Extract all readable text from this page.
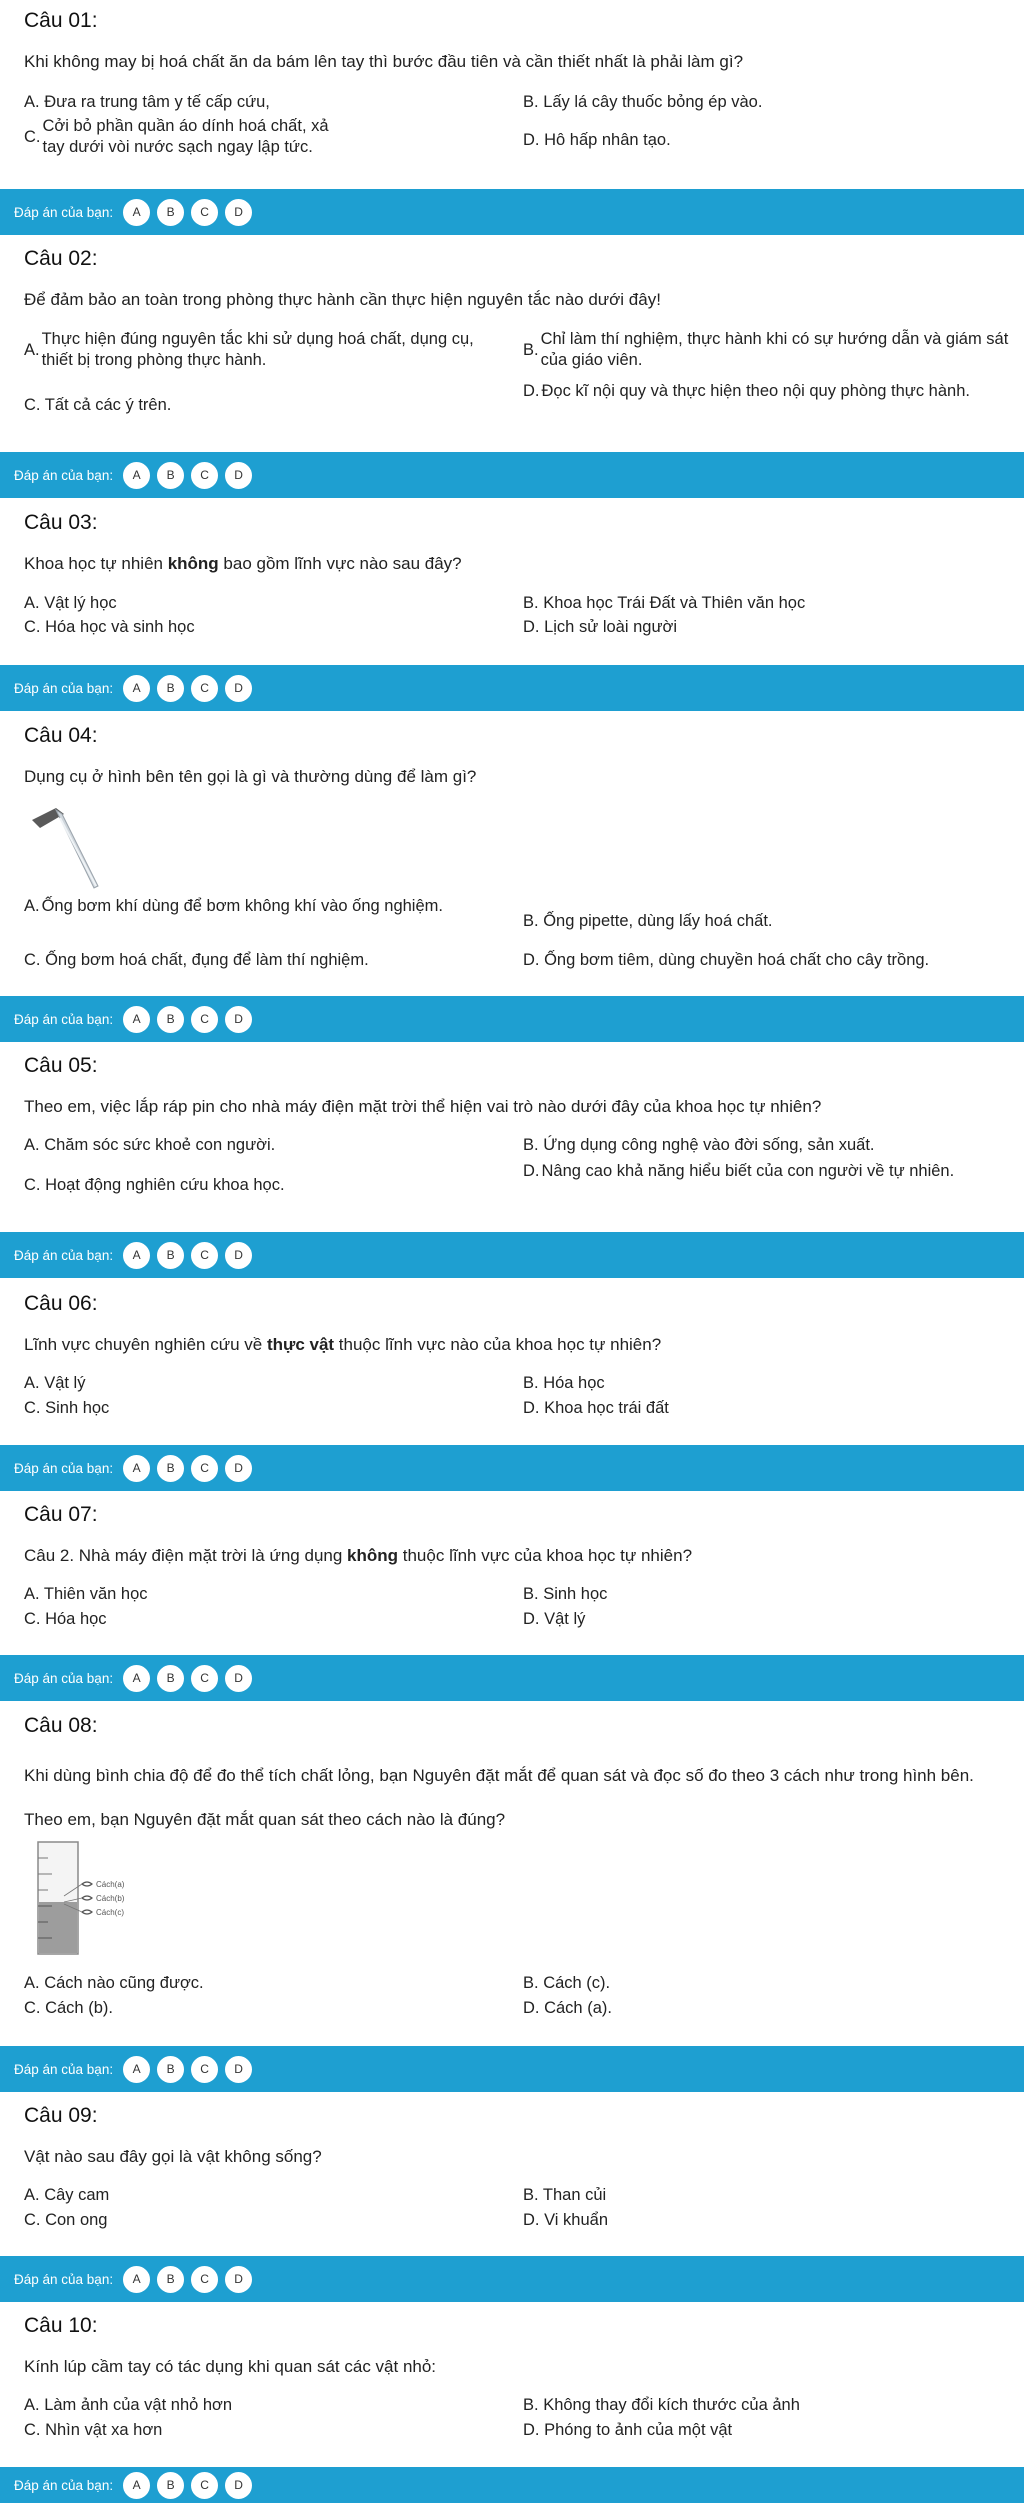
Câu 01:
Khi không may bị hoá chất ăn da bám lên tay thì bước đầu tiên và cần thiết nhất là phải làm gì?
A. Đưa ra trung tâm y tế cấp cứu,	B. Lấy lá cây thuốc bỏng ép vào.
C.
Cởi bỏ phần quần áo dính hoá chất, xả tay dưới vòi nước sạch ngay lập tức.	D. Hô hấp nhân tạo.
Đáp án của bạn:	A	B	C	D
Câu 02:
Để đảm bảo an toàn trong phòng thực hành cần thực hiện nguyên tắc nào dưới đây!
A.
Thực hiện đúng nguyên tắc khi sử dụng hoá chất, dụng cụ, thiết bị trong phòng thực hành.
B.
Chỉ làm thí nghiệm, thực hành khi có sự hướng dẫn và giám sát của giáo viên.
C. Tất cả các ý trên.
D. Đọc kĩ nội quy và thực hiện theo nội quy phòng thực hành.
Đáp án của bạn:	A	B	C	D
Câu 03:
Khoa học tự nhiên không bao gồm lĩnh vực nào sau đây?
A. Vật lý học	B. Khoa học Trái Đất và Thiên văn học
C. Hóa học và sinh học	D. Lịch sử loài người
Đáp án của bạn:	A	B	C	D
Câu 04:
Dụng cụ ở hình bên tên gọi là gì và thường dùng để làm gì?
A. Ống bơm khí dùng để bơm không khí vào ống nghiệm.
B. Ống pipette, dùng lấy hoá chất.
C. Ống bơm hoá chất, đụng để làm thí nghiệm.	D. Ống bơm tiêm, dùng chuyền hoá chất cho cây trồng.
Đáp án của bạn:	A	B	C	D
Câu 05:
Theo em, việc lắp ráp pin cho nhà máy điện mặt trời thể hiện vai trò nào dưới đây của khoa học tự nhiên?
A. Chăm sóc sức khoẻ con người.	B. Ứng dụng công nghệ vào đời sống, sản xuất.
C. Hoạt động nghiên cứu khoa học.
D. Nâng cao khả năng hiểu biết của con người về tự nhiên.
Đáp án của bạn:	A	B	C	D
Câu 06:
Lĩnh vực chuyên nghiên cứu về thực vật thuộc lĩnh vực nào của khoa học tự nhiên?
A. Vật lý	B. Hóa học
C. Sinh học	D. Khoa học trái đất
Đáp án của bạn:	A	B	C	D
Câu 07:
Câu 2. Nhà máy điện mặt trời là ứng dụng không thuộc lĩnh vực của khoa học tự nhiên?
A. Thiên văn học	B. Sinh học
C. Hóa học	D. Vật lý
Đáp án của bạn:	A	B	C	D
Câu 08:
Khi dùng bình chia độ để đo thể tích chất lỏng, bạn Nguyên đặt mắt để quan sát và đọc số đo theo 3 cách như trong hình bên. Theo em, bạn Nguyên đặt mắt quan sát theo cách nào là đúng?
Cách(a)
Cách(b)
Cách(c)
A. Cách nào cũng được.	B. Cách (c).
C. Cách (b).	D. Cách (a).
Đáp án của bạn:	A	B	C	D
Câu 09:
Vật nào sau đây gọi là vật không sống?
A. Cây cam	B. Than củi
C. Con ong	D. Vi khuẩn
Đáp án của bạn:	A	B	C	D
Câu 10:
Kính lúp cầm tay có tác dụng khi quan sát các vật nhỏ:
A. Làm ảnh của vật nhỏ hơn	B. Không thay đổi kích thước của ảnh
C. Nhìn vật xa hơn	D. Phóng to ảnh của một vật
Đáp án của bạn:	A	B	C	D
